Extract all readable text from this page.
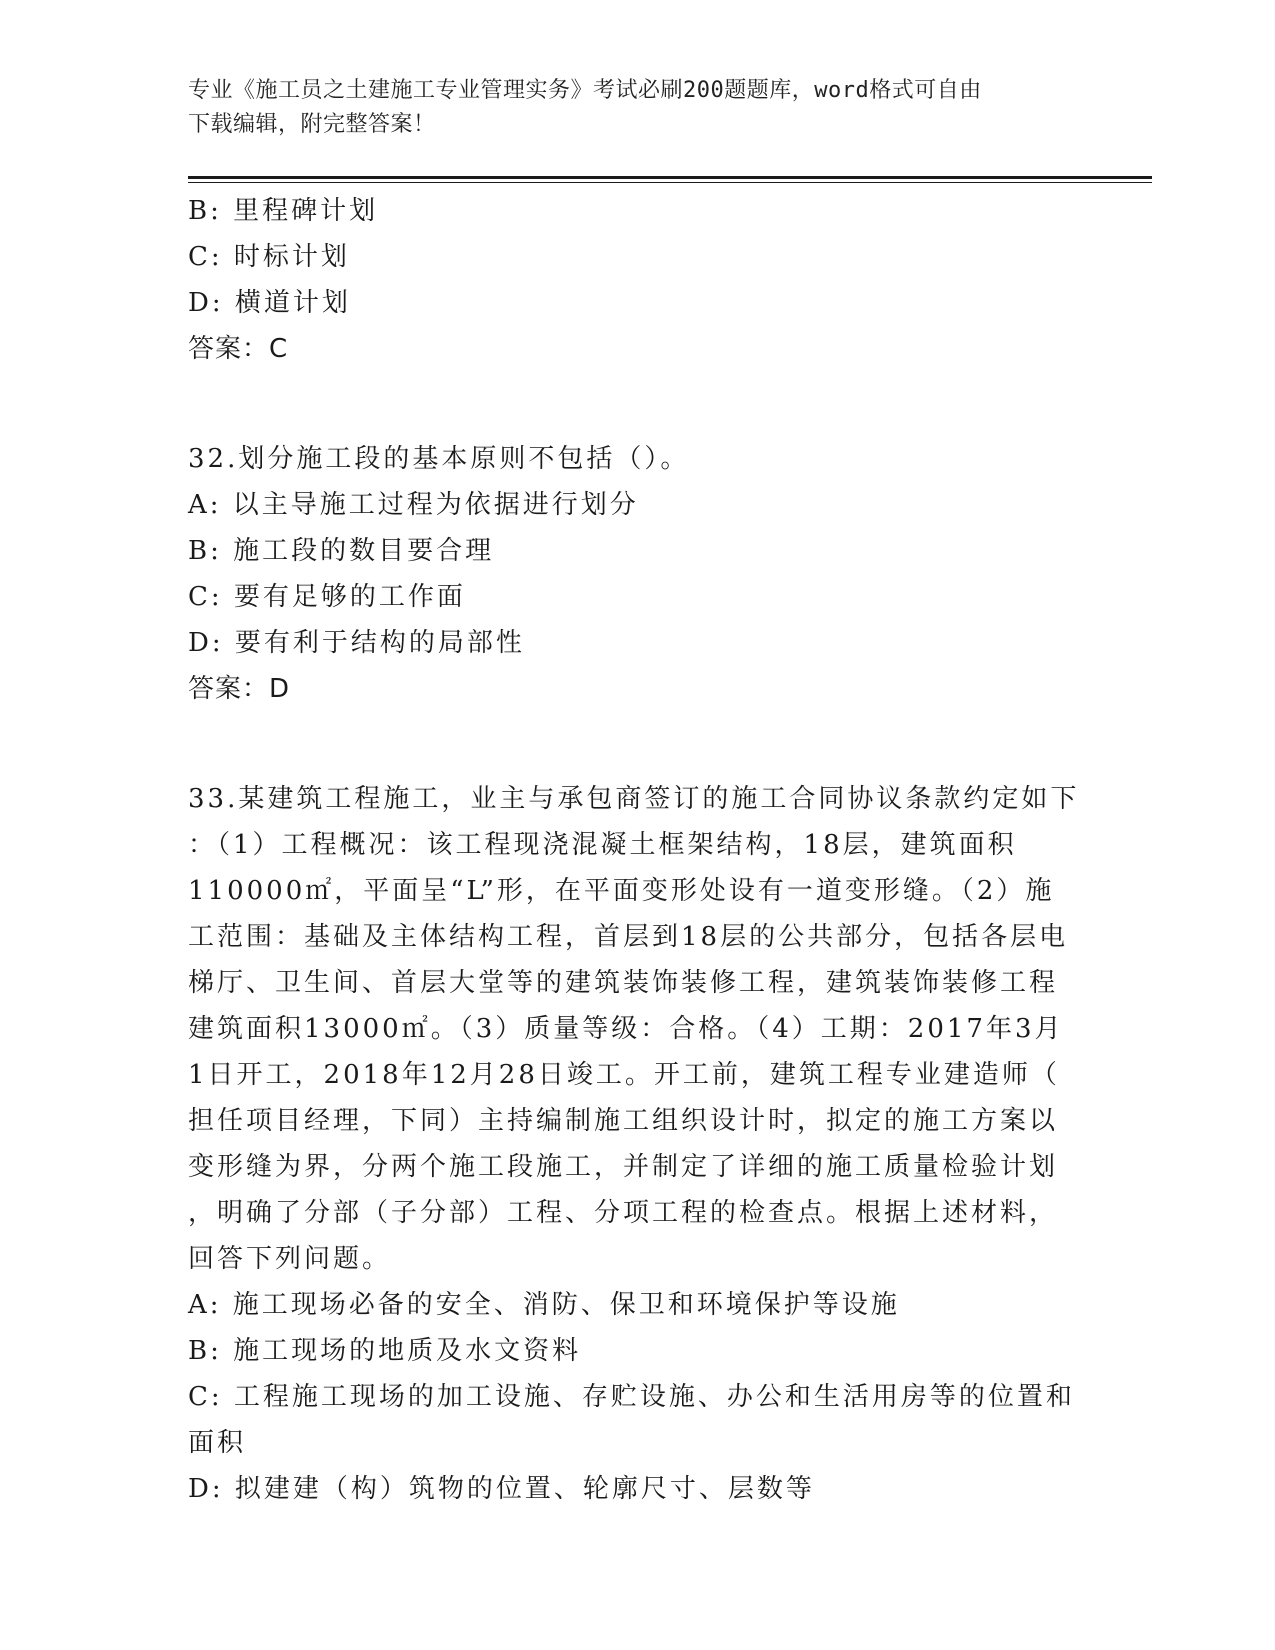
专业《施工员之土建施工专业管理实务》考试必刷200题题库，word格式可自由
下载编辑，附完整答案！
B: 里程碑计划
C: 时标计划
D: 横道计划
答案：C
32.划分施工段的基本原则不包括（）。
A: 以主导施工过程为依据进行划分
B: 施工段的数目要合理
C: 要有足够的工作面
D: 要有利于结构的局部性
答案：D
33.某建筑工程施工，业主与承包商签订的施工合同协议条款约定如下
：（1）工程概况：该工程现浇混凝土框架结构，18层，建筑面积
110000㎡，平面呈“L”形，在平面变形处设有一道变形缝。（2）施
工范围：基础及主体结构工程，首层到18层的公共部分，包括各层电
梯厅、卫生间、首层大堂等的建筑装饰装修工程，建筑装饰装修工程
建筑面积13000㎡。（3）质量等级：合格。（4）工期：2017年3月
1日开工，2018年12月28日竣工。开工前，建筑工程专业建造师（
担任项目经理，下同）主持编制施工组织设计时，拟定的施工方案以
变形缝为界，分两个施工段施工，并制定了详细的施工质量检验计划
，明确了分部（子分部）工程、分项工程的检查点。根据上述材料，
回答下列问题。
A: 施工现场必备的安全、消防、保卫和环境保护等设施
B: 施工现场的地质及水文资料
C: 工程施工现场的加工设施、存贮设施、办公和生活用房等的位置和
面积
D: 拟建建（构）筑物的位置、轮廓尺寸、层数等
